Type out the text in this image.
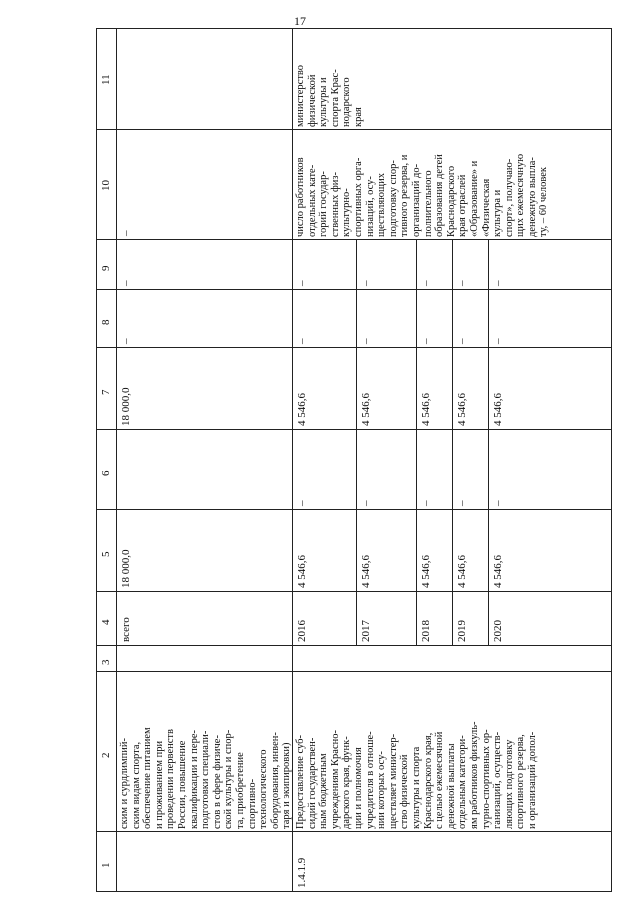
17
1
2
3
4
5
6
7
8
9
10
11
ским и сурдлимпий- ским видам спорта, обеспечение питанием и проживанием при проведении первенств России, повышение квалификации и пере- подготовки специали- стов в сфере физиче- ской культуры и спор- та, приобретение спортивно- технологического оборудования, инвен- таря и экипировки)
1.4.1.9
Предоставление суб- сидий государствен- ным бюджетным учреждениям Красно- дарского края, функ- ции и полномочия учредителя в отноше- нии которых осу- ществляет министер- ство физической культуры и спорта Краснодарского края, с целью ежемесячной денежной выплаты отдельным категори- ям работников физкуль- турно-спортивных ор- ганизаций, осуществ- ляющих подготовку спортивного резерва, и организаций допол-
число работников отдельных кате- горий государ- ственных физ- культурно- спортивных орга- низаций, осу- ществляющих подготовку спор- тивного резерва, и организаций до- полнительного образования детей Краснодарского края отраслей «Образование» и «Физическая культура и спорт», получаю- щих ежемесячную денежную выпла- ту, – 60 человек
министерство физической культуры и спорта Крас- нодарского края
всего
18 000,0
18 000,0
–
–
–
2016
4 546,6
–
4 546,6
–
–
2017
4 546,6
–
4 546,6
–
–
2018
4 546,6
–
4 546,6
–
–
2019
4 546,6
–
4 546,6
–
–
2020
4 546,6
–
4 546,6
–
–
